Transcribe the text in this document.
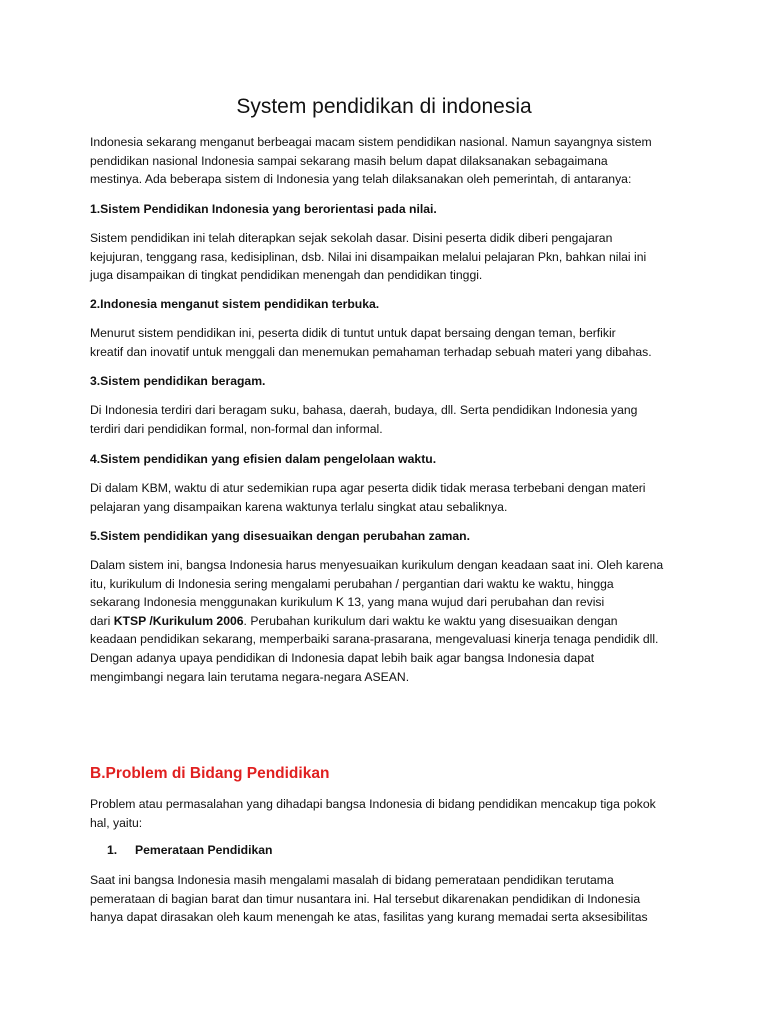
System pendidikan di indonesia

Indonesia sekarang menganut berbeagai macam sistem pendidikan nasional. Namun sayangnya sistem
pendidikan nasional Indonesia sampai sekarang masih belum dapat dilaksanakan sebagaimana
mestinya. Ada beberapa sistem di Indonesia yang telah dilaksanakan oleh pemerintah, di antaranya:

1.Sistem Pendidikan Indonesia yang berorientasi pada nilai.

Sistem pendidikan ini telah diterapkan sejak sekolah dasar. Disini peserta didik diberi pengajaran
kejujuran, tenggang rasa, kedisiplinan, dsb. Nilai ini disampaikan melalui pelajaran Pkn, bahkan nilai ini
juga disampaikan di tingkat pendidikan menengah dan pendidikan tinggi.

2.Indonesia menganut sistem pendidikan terbuka.

Menurut sistem pendidikan ini, peserta didik di tuntut untuk dapat bersaing dengan teman, berfikir
kreatif dan inovatif untuk menggali dan menemukan pemahaman terhadap sebuah materi yang dibahas.

3.Sistem pendidikan beragam.

Di Indonesia terdiri dari beragam suku, bahasa, daerah, budaya, dll. Serta pendidikan Indonesia yang
terdiri dari pendidikan formal, non-formal dan informal.

4.Sistem pendidikan yang efisien dalam pengelolaan waktu.

Di dalam KBM, waktu di atur sedemikian rupa agar peserta didik tidak merasa terbebani dengan materi
pelajaran yang disampaikan karena waktunya terlalu singkat atau sebaliknya.

5.Sistem pendidikan yang disesuaikan dengan perubahan zaman.

Dalam sistem ini, bangsa Indonesia harus menyesuaikan kurikulum dengan keadaan saat ini. Oleh karena
itu, kurikulum di Indonesia sering mengalami perubahan / pergantian dari waktu ke waktu, hingga
sekarang Indonesia menggunakan kurikulum K 13, yang mana wujud dari perubahan dan revisi
dari KTSP /Kurikulum 2006. Perubahan kurikulum dari waktu ke waktu yang disesuaikan dengan
keadaan pendidikan sekarang, memperbaiki sarana-prasarana, mengevaluasi kinerja tenaga pendidik dll.
Dengan adanya upaya pendidikan di Indonesia dapat lebih baik agar bangsa Indonesia dapat
mengimbangi negara lain terutama negara-negara ASEAN.

B.Problem di Bidang Pendidikan

Problem atau permasalahan yang dihadapi bangsa Indonesia di bidang pendidikan mencakup tiga pokok
hal, yaitu:

1. Pemerataan Pendidikan

Saat ini bangsa Indonesia masih mengalami masalah di bidang pemerataan pendidikan terutama
pemerataan di bagian barat dan timur nusantara ini. Hal tersebut dikarenakan pendidikan di Indonesia
hanya dapat dirasakan oleh kaum menengah ke atas, fasilitas yang kurang memadai serta aksesibilitas
